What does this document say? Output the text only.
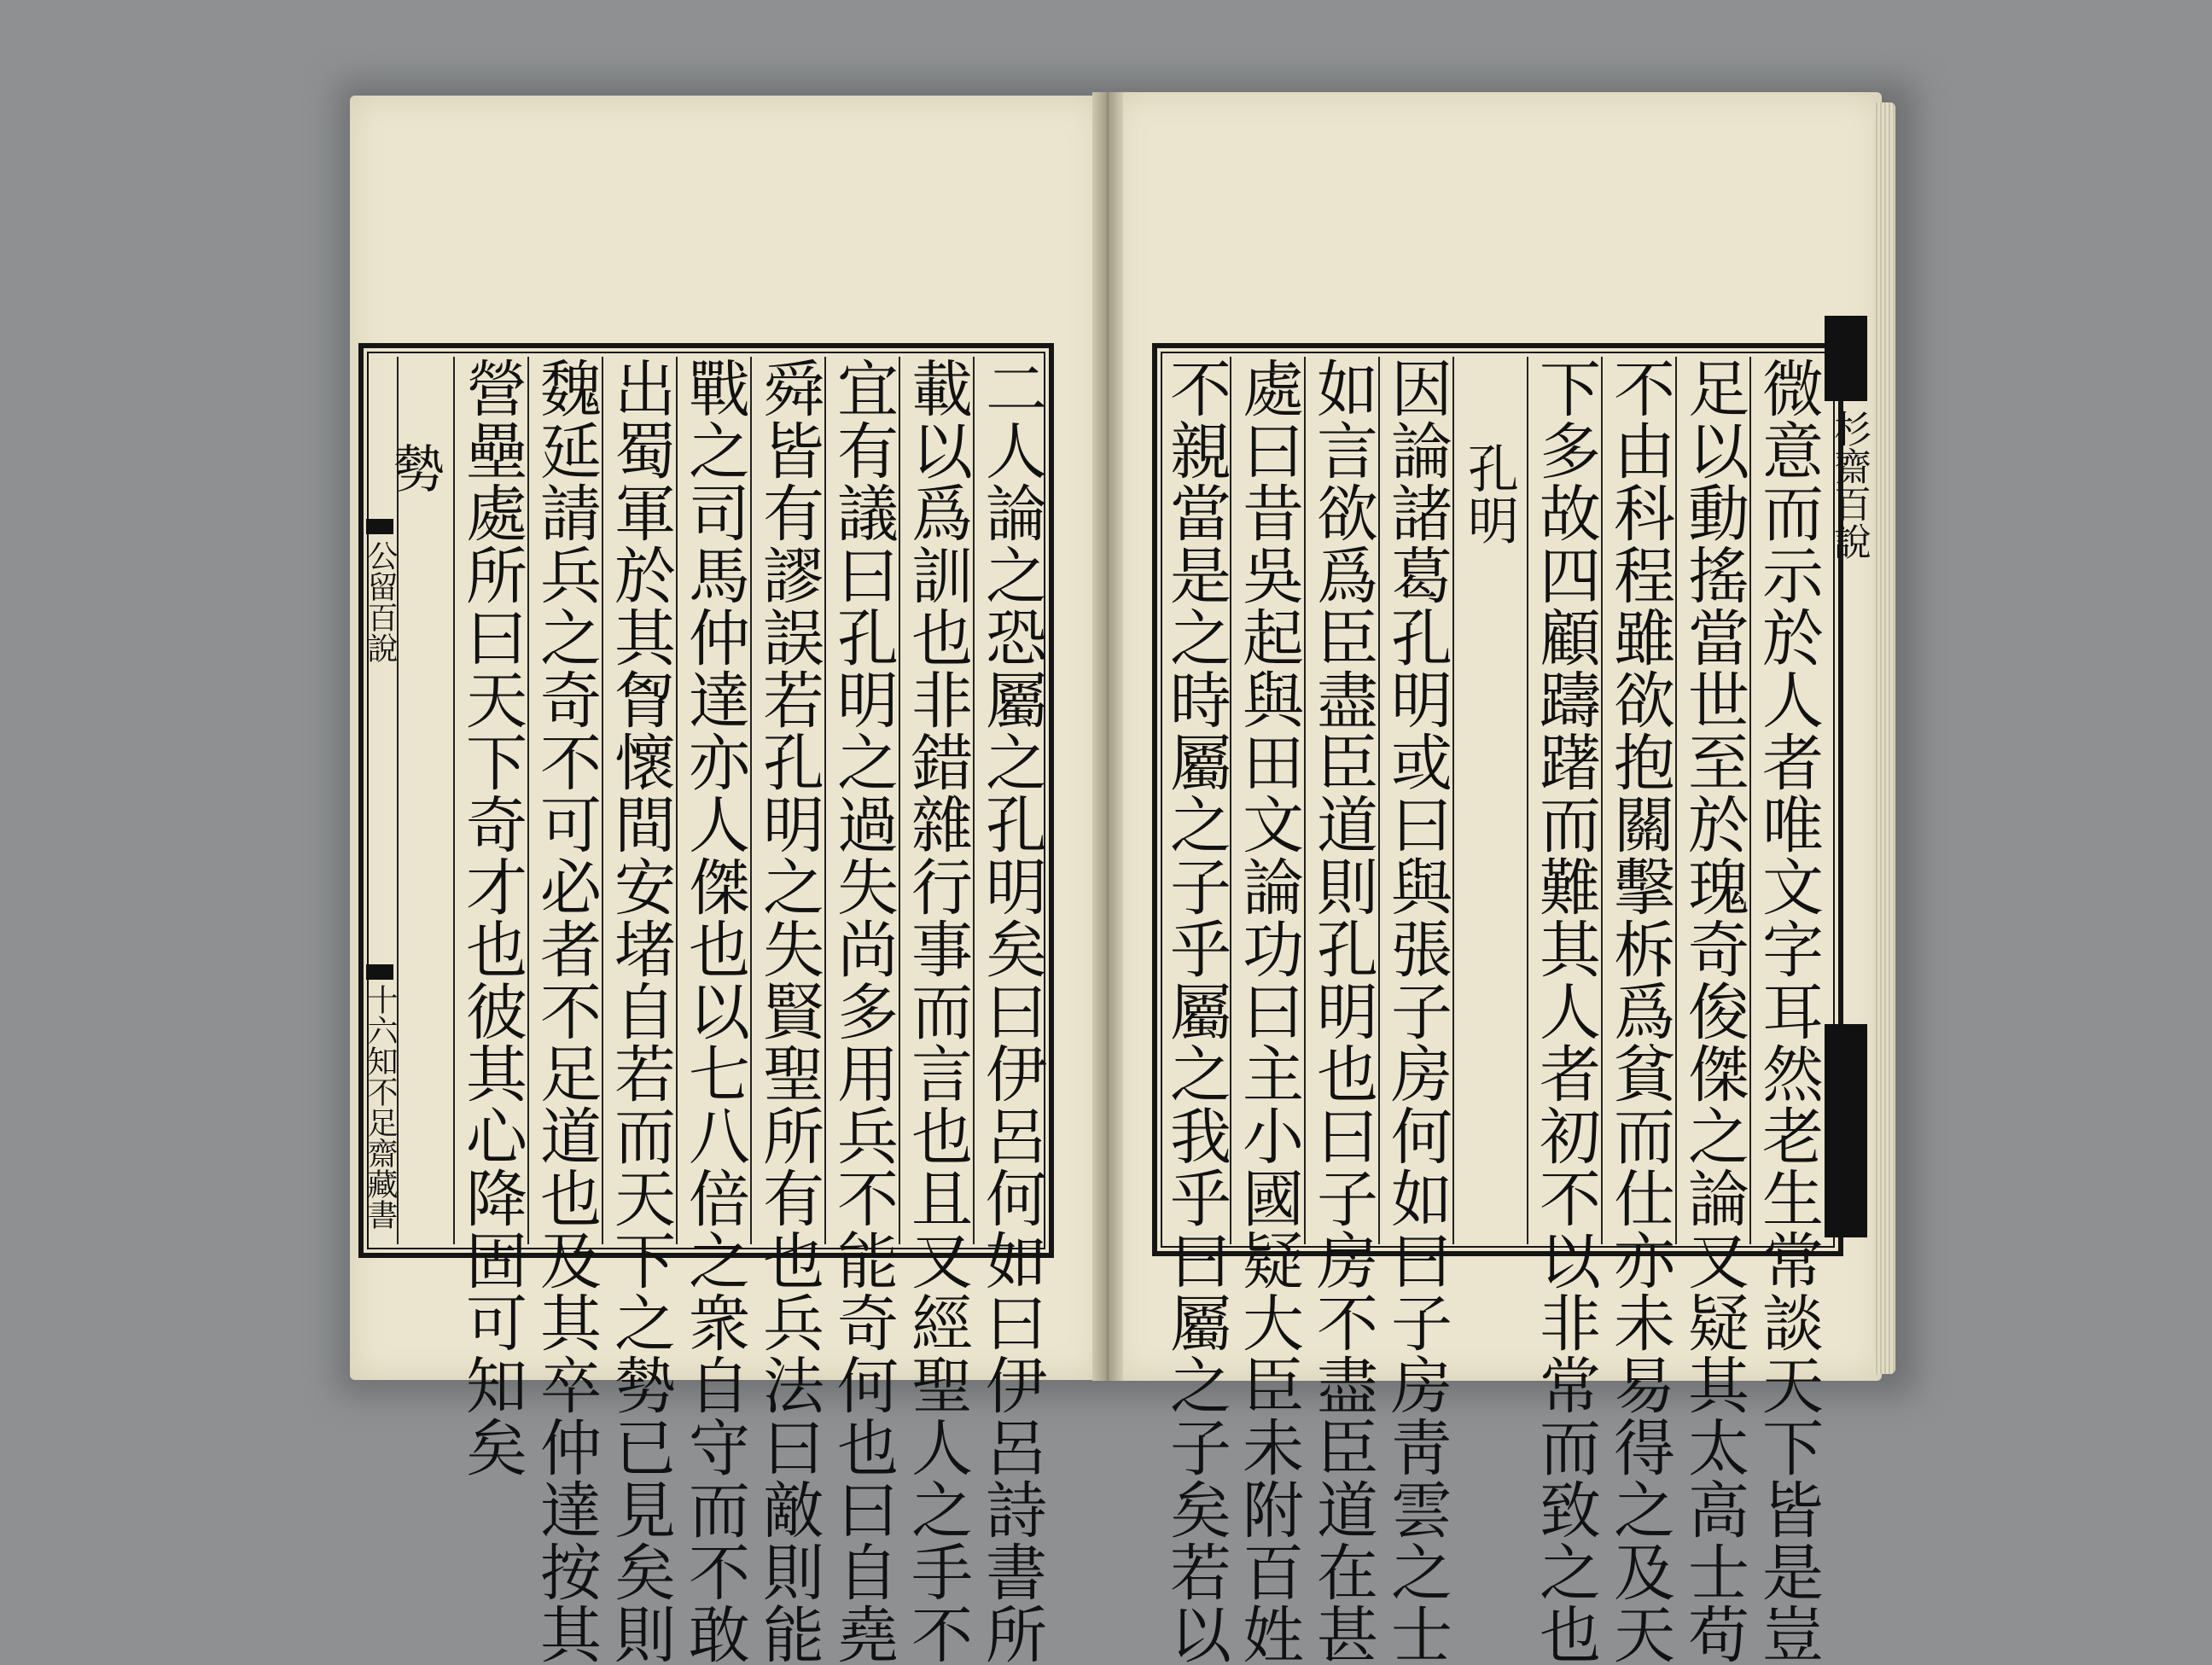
公留百說
十六知不足齋藏書	二人論之恐屬之孔明矣曰伊呂何如曰伊呂詩書所
載以爲訓也非錯雜行事而言也且又經聖人之手不
宜有議曰孔明之過失尚多用兵不能奇何也曰自堯
舜皆有謬誤若孔明之失賢聖所有也兵法曰敵則能
戰之司馬仲達亦人傑也以七八倍之衆自守而不敢
出蜀軍於其胷懷間安堵自若而天下之勢已見矣則
魏延請兵之奇不可必者不足道也及其卒仲達按其
營壘處所曰天下奇才也彼其心降固可知矣
勢	杉齋百說
微意而示於人者唯文字耳然老生常談天下皆是豈
足以動搖當世至於瑰奇俊傑之論又疑其太高士苟
不由科程雖欲抱關擊柝爲貧而仕亦未易得之及天
下多故四顧躊躇而難其人者初不以非常而致之也
孔明
因論諸葛孔明或曰與張子房何如曰子房靑雲之士
如言欲爲臣盡臣道則孔明也曰子房不盡臣道在甚
處曰昔吳起與田文論功曰主小國疑大臣未附百姓
不親當是之時屬之子乎屬之我乎曰屬之子矣若以
